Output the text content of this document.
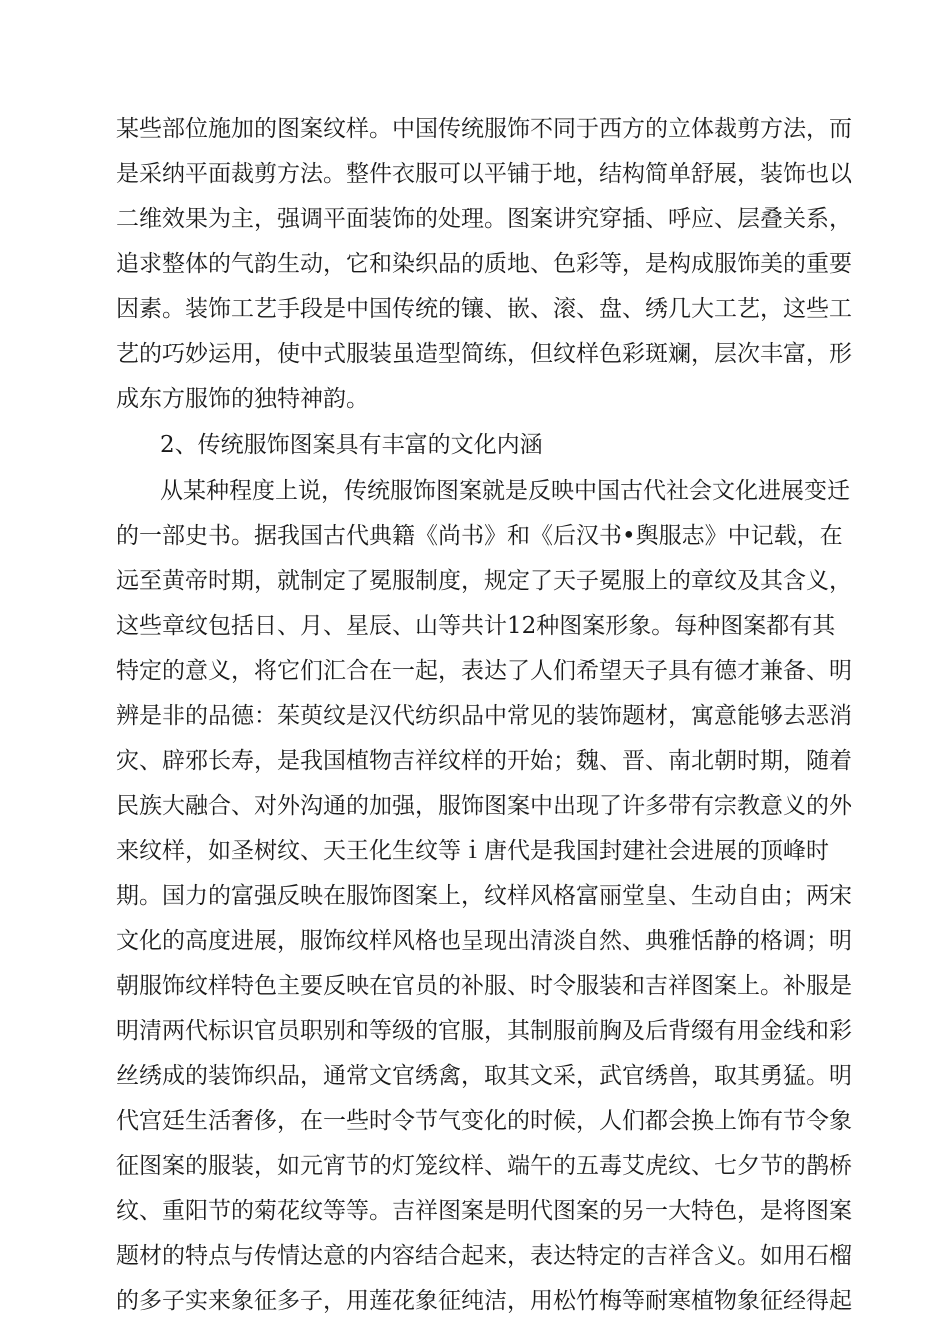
某些部位施加的图案纹样。中国传统服饰不同于西方的立体裁剪方法，而
是采纳平面裁剪方法。整件衣服可以平铺于地，结构简单舒展，装饰也以
二维效果为主，强调平面装饰的处理。图案讲究穿插、呼应、层叠关系，
追求整体的气韵生动，它和染织品的质地、色彩等，是构成服饰美的重要
因素。装饰工艺手段是中国传统的镶、嵌、滚、盘、绣几大工艺，这些工
艺的巧妙运用，使中式服装虽造型简练，但纹样色彩斑斓，层次丰富，形
成东方服饰的独特神韵。
2、传统服饰图案具有丰富的文化内涵
从某种程度上说，传统服饰图案就是反映中国古代社会文化进展变迁
的一部史书。据我国古代典籍《尚书》和《后汉书•舆服志》中记载，在
远至黄帝时期，就制定了冕服制度，规定了天子冕服上的章纹及其含义，
这些章纹包括日、月、星辰、山等共计12种图案形象。每种图案都有其
特定的意义，将它们汇合在一起，表达了人们希望天子具有德才兼备、明
辨是非的品德：茱萸纹是汉代纺织品中常见的装饰题材，寓意能够去恶消
灾、辟邪长寿，是我国植物吉祥纹样的开始；魏、晋、南北朝时期，随着
民族大融合、对外沟通的加强，服饰图案中出现了许多带有宗教意义的外
来纹样，如圣树纹、天王化生纹等ｉ唐代是我国封建社会进展的顶峰时
期。国力的富强反映在服饰图案上，纹样风格富丽堂皇、生动自由；两宋
文化的高度进展，服饰纹样风格也呈现出清淡自然、典雅恬静的格调；明
朝服饰纹样特色主要反映在官员的补服、时令服装和吉祥图案上。补服是
明清两代标识官员职别和等级的官服，其制服前胸及后背缀有用金线和彩
丝绣成的装饰织品，通常文官绣禽，取其文采，武官绣兽，取其勇猛。明
代宫廷生活奢侈，在一些时令节气变化的时候，人们都会换上饰有节令象
征图案的服装，如元宵节的灯笼纹样、端午的五毒艾虎纹、七夕节的鹊桥
纹、重阳节的菊花纹等等。吉祥图案是明代图案的另一大特色，是将图案
题材的特点与传情达意的内容结合起来，表达特定的吉祥含义。如用石榴
的多子实来象征多子，用莲花象征纯洁，用松竹梅等耐寒植物象征经得起
